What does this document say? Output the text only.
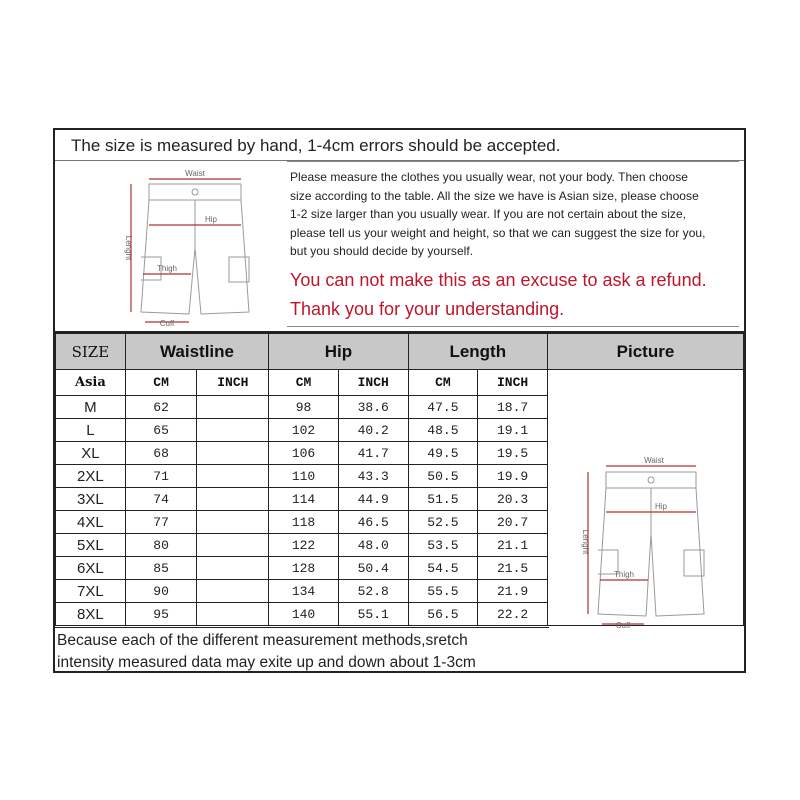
The size is measured by hand, 1-4cm errors should be accepted.
Waist
Hip
Lenght
Thigh
Cuff
Please measure the clothes you usually wear, not your body. Then choose
size according to the table. All the size we have is Asian size, please choose
1-2 size larger than you usually wear. If you are not certain about the size,
please tell us your weight and height, so that we can suggest the size for you,
but you should decide by yourself.
You can not make this as an excuse to ask a refund.
Thank you for your understanding.
SIZE	Waistline		Hip		Length		Picture
Asia	CM	INCH	CM	INCH	CM	INCH	
M	62		98	38.6	47.5	18.7	
L	65		102	40.2	48.5	19.1	
XL	68		106	41.7	49.5	19.5	
2XL	71		110	43.3	50.5	19.9	
3XL	74		114	44.9	51.5	20.3	
4XL	77		118	46.5	52.5	20.7	
5XL	80		122	48.0	53.5	21.1	
6XL	85		128	50.4	54.5	21.5	
7XL	90		134	52.8	55.5	21.9	
8XL	95		140	55.1	56.5	22.2	
Because each of the different measurement methods,sretch
intensity measured data may exite up and down about 1-3cm
Waist
Hip
Lenght
Thigh
Cuff
